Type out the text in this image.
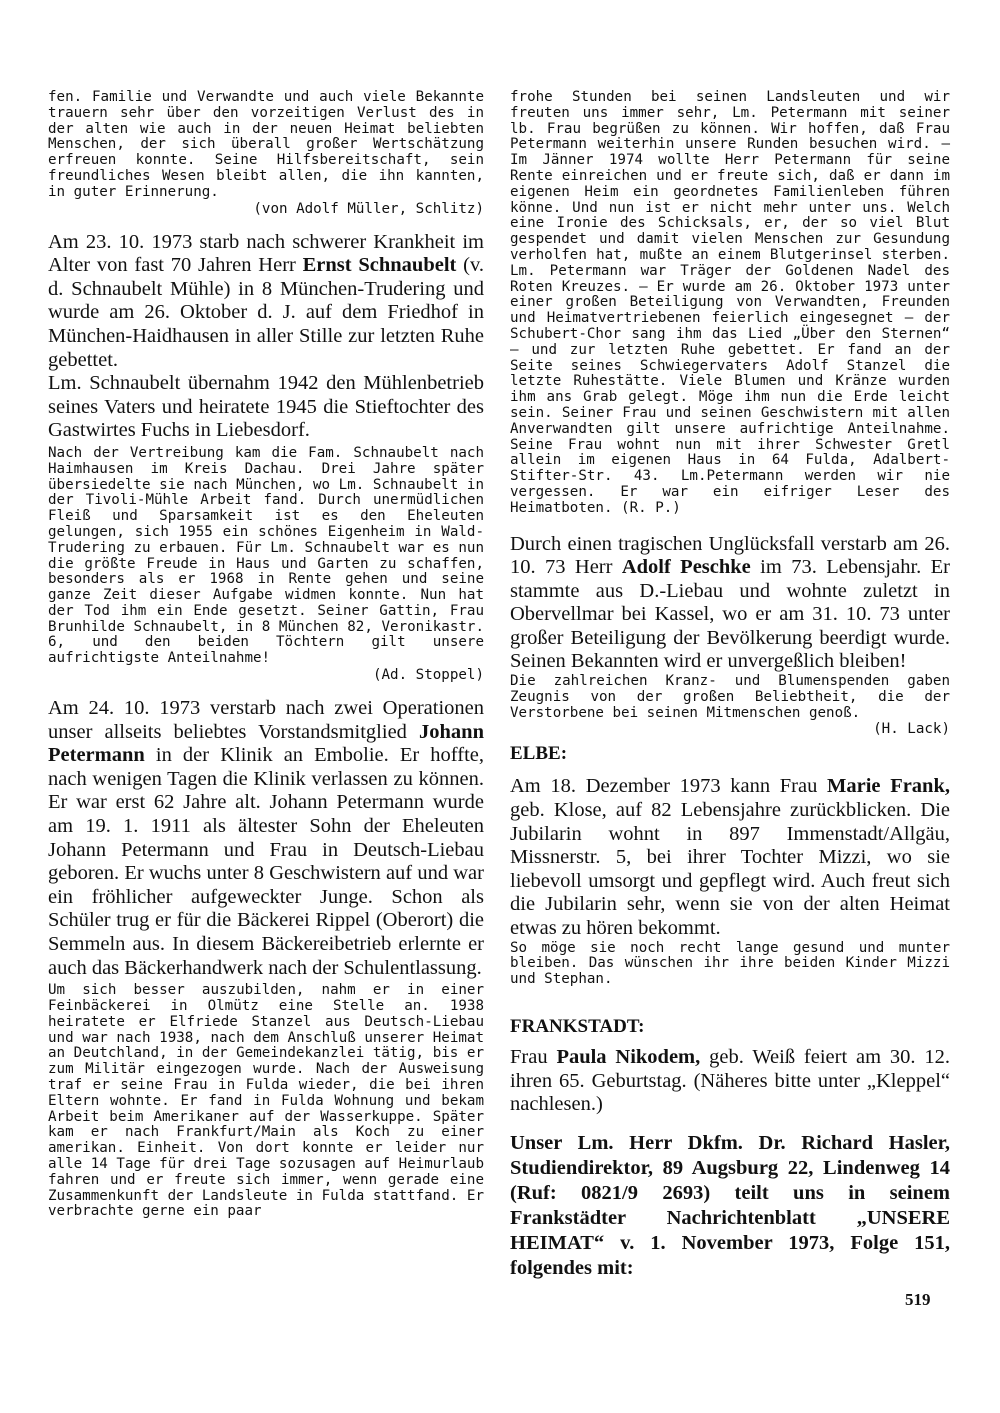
fen. Familie und Verwandte und auch viele Bekannte trauern sehr über den vorzeitigen Verlust des in der alten wie auch in der neuen Heimat beliebten Menschen, der sich überall großer Wertschätzung erfreuen konnte. Seine Hilfsbereitschaft, sein freundliches Wesen bleibt allen, die ihn kannten, in guter Erinnerung.

(von Adolf Müller, Schlitz)

Am 23. 10. 1973 starb nach schwerer Krankheit im Alter von fast 70 Jahren Herr Ernst Schnaubelt (v. d. Schnaubelt Mühle) in 8 München-Trudering und wurde am 26. Oktober d. J. auf dem Friedhof in München-Haidhausen in aller Stille zur letzten Ruhe gebettet.

Lm. Schnaubelt übernahm 1942 den Mühlenbetrieb seines Vaters und heiratete 1945 die Stieftochter des Gastwirtes Fuchs in Liebesdorf.

Nach der Vertreibung kam die Fam. Schnaubelt nach Haimhausen im Kreis Dachau. Drei Jahre später übersiedelte sie nach München, wo Lm. Schnaubelt in der Tivoli-Mühle Arbeit fand. Durch unermüdlichen Fleiß und Sparsamkeit ist es den Eheleuten gelungen, sich 1955 ein schönes Eigenheim in Wald-Trudering zu erbauen. Für Lm. Schnaubelt war es nun die größte Freude in Haus und Garten zu schaffen, besonders als er 1968 in Rente gehen und seine ganze Zeit dieser Aufgabe widmen konnte. Nun hat der Tod ihm ein Ende gesetzt. Seiner Gattin, Frau Brunhilde Schnaubelt, in 8 München 82, Veronikastr. 6, und den beiden Töchtern gilt unsere aufrichtigste Anteilnahme!

(Ad. Stoppel)

Am 24. 10. 1973 verstarb nach zwei Operationen unser allseits beliebtes Vorstandsmitglied Johann Petermann in der Klinik an Embolie. Er hoffte, nach wenigen Tagen die Klinik verlassen zu können. Er war erst 62 Jahre alt. Johann Petermann wurde am 19. 1. 1911 als ältester Sohn der Eheleuten Johann Petermann und Frau in Deutsch-Liebau geboren. Er wuchs unter 8 Geschwistern auf und war ein fröhlicher aufgeweckter Junge. Schon als Schüler trug er für die Bäckerei Rippel (Oberort) die Semmeln aus. In diesem Bäckereibetrieb erlernte er auch das Bäckerhandwerk nach der Schulentlassung.

Um sich besser auszubilden, nahm er in einer Feinbäckerei in Olmütz eine Stelle an. 1938 heiratete er Elfriede Stanzel aus Deutsch-Liebau und war nach 1938, nach dem Anschluß unserer Heimat an Deutchland, in der Gemeindekanzlei tätig, bis er zum Militär eingezogen wurde. Nach der Ausweisung traf er seine Frau in Fulda wieder, die bei ihren Eltern wohnte. Er fand in Fulda Wohnung und bekam Arbeit beim Amerikaner auf der Wasserkuppe. Später kam er nach Frankfurt/Main als Koch zu einer amerikan. Einheit. Von dort konnte er leider nur alle 14 Tage für drei Tage sozusagen auf Heimurlaub fahren und er freute sich immer, wenn gerade eine Zusammenkunft der Landsleute in Fulda stattfand. Er verbrachte gerne ein paar

frohe Stunden bei seinen Landsleuten und wir freuten uns immer sehr, Lm. Petermann mit seiner lb. Frau begrüßen zu können. Wir hoffen, daß Frau Petermann weiterhin unsere Runden besuchen wird. — Im Jänner 1974 wollte Herr Petermann für seine Rente einreichen und er freute sich, daß er dann im eigenen Heim ein geordnetes Familienleben führen könne. Und nun ist er nicht mehr unter uns. Welch eine Ironie des Schicksals, er, der so viel Blut gespendet und damit vielen Menschen zur Gesundung verholfen hat, mußte an einem Blutgerinsel sterben. Lm. Petermann war Träger der Goldenen Nadel des Roten Kreuzes. — Er wurde am 26. Oktober 1973 unter einer großen Beteiligung von Verwandten, Freunden und Heimatvertriebenen feierlich eingesegnet — der Schubert-Chor sang ihm das Lied „Über den Sternen“ — und zur letzten Ruhe gebettet. Er fand an der Seite seines Schwiegervaters Adolf Stanzel die letzte Ruhestätte. Viele Blumen und Kränze wurden ihm ans Grab gelegt. Möge ihm nun die Erde leicht sein. Seiner Frau und seinen Geschwistern mit allen Anverwandten gilt unsere aufrichtige Anteilnahme. Seine Frau wohnt nun mit ihrer Schwester Gretl allein im eigenen Haus in 64 Fulda, Adalbert-Stifter-Str. 43. Lm.Petermann werden wir nie vergessen. Er war ein eifriger Leser des Heimatboten. (R. P.)

Durch einen tragischen Unglücksfall verstarb am 26. 10. 73 Herr Adolf Peschke im 73. Lebensjahr. Er stammte aus D.-Liebau und wohnte zuletzt in Obervellmar bei Kassel, wo er am 31. 10. 73 unter großer Beteiligung der Bevölkerung beerdigt wurde. Seinen Bekannten wird er unvergeßlich bleiben!

Die zahlreichen Kranz- und Blumenspenden gaben Zeugnis von der großen Beliebtheit, die der Verstorbene bei seinen Mitmenschen genoß.

(H. Lack)

ELBE:

Am 18. Dezember 1973 kann Frau Marie Frank, geb. Klose, auf 82 Lebensjahre zurückblicken. Die Jubilarin wohnt in 897 Immenstadt/Allgäu, Missnerstr. 5, bei ihrer Tochter Mizzi, wo sie liebevoll umsorgt und gepflegt wird. Auch freut sich die Jubilarin sehr, wenn sie von der alten Heimat etwas zu hören bekommt.

So möge sie noch recht lange gesund und munter bleiben. Das wünschen ihr ihre beiden Kinder Mizzi und Stephan.

FRANKSTADT:

Frau Paula Nikodem, geb. Weiß feiert am 30. 12. ihren 65. Geburtstag. (Näheres bitte unter „Kleppel“ nachlesen.)

Unser Lm. Herr Dkfm. Dr. Richard Hasler, Studiendirektor, 89 Augsburg 22, Lindenweg 14 (Ruf: 0821/9 2693) teilt uns in seinem Frankstädter Nachrichtenblatt „UNSERE HEIMAT“ v. 1. November 1973, Folge 151, folgendes mit:

519
